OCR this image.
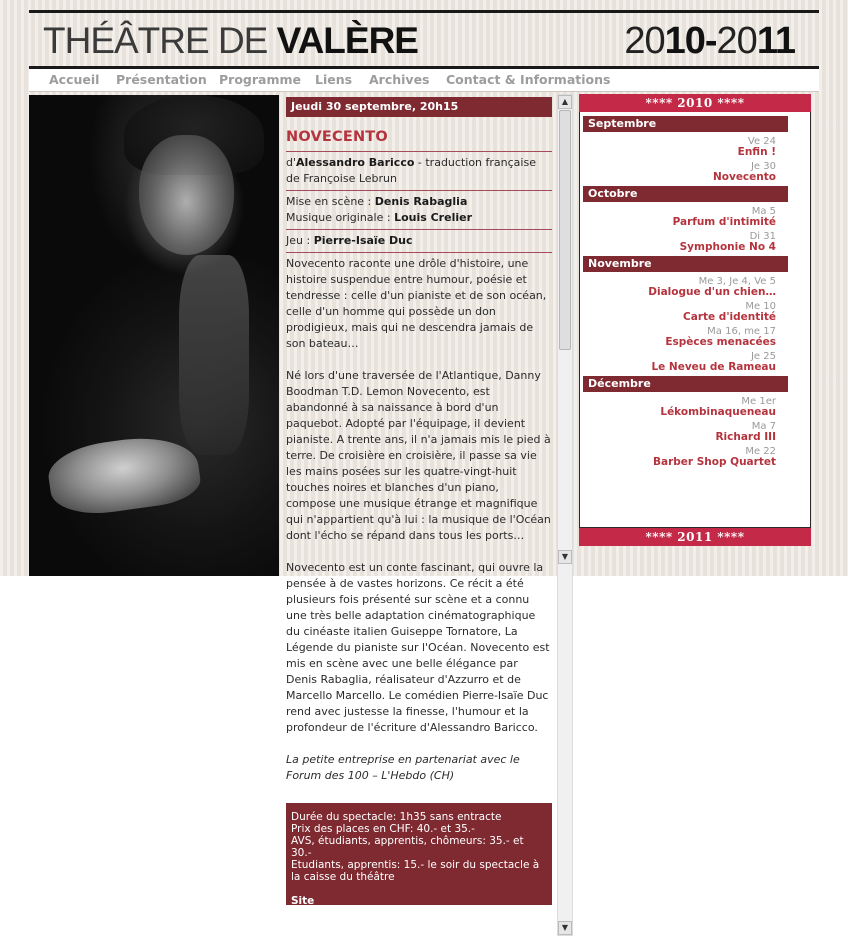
THÉÂTRE DE VALÈRE	2010-2011
Accueil Présentation Programme Liens Archives Contact & Informations
Jeudi 30 septembre, 20h15
NOVECENTO
d'Alessandro Baricco - traduction française de Françoise Lebrun
Mise en scène : Denis Rabaglia
Musique originale : Louis Crelier
Jeu : Pierre-Isaïe Duc
Novecento raconte une drôle d'histoire, une histoire suspendue entre humour, poésie et tendresse : celle d'un pianiste et de son océan, celle d'un homme qui possède un don prodigieux, mais qui ne descendra jamais de son bateau…
Né lors d'une traversée de l'Atlantique, Danny Boodman T.D. Lemon Novecento, est abandonné à sa naissance à bord d'un paquebot. Adopté par l'équipage, il devient pianiste. A trente ans, il n'a jamais mis le pied à terre. De croisière en croisière, il passe sa vie les mains posées sur les quatre-vingt-huit touches noires et blanches d'un piano, compose une musique étrange et magnifique qui n'appartient qu'à lui : la musique de l'Océan dont l'écho se répand dans tous les ports…
Novecento est un conte fascinant, qui ouvre la pensée à de vastes horizons. Ce récit a été plusieurs fois présenté sur scène et a connu une très belle adaptation cinématographique du cinéaste italien Guiseppe Tornatore, La Légende du pianiste sur l'Océan. Novecento est mis en scène avec une belle élégance par Denis Rabaglia, réalisateur d'Azzurro et de Marcello Marcello. Le comédien Pierre-Isaïe Duc rend avec justesse la finesse, l'humour et la profondeur de l'écriture d'Alessandro Baricco.
La petite entreprise en partenariat avec le Forum des 100 – L'Hebdo (CH)
Durée du spectacle: 1h35 sans entracte
Prix des places en CHF: 40.- et 35.-
AVS, étudiants, apprentis, chômeurs: 35.- et 30.-
Etudiants, apprentis: 15.- le soir du spectacle à la caisse du théâtre
Site
▲
▼
▼
**** 2010 ****
Septembre
Ve 24
Enfin !
Je 30
Novecento
Octobre
Ma 5
Parfum d'intimité
Di 31
Symphonie No 4
Novembre
Me 3, Je 4, Ve 5
Dialogue d'un chien…
Me 10
Carte d'identité
Ma 16, me 17
Espèces menacées
Je 25
Le Neveu de Rameau
Décembre
Me 1er
Lékombinaqueneau
Ma 7
Richard III
Me 22
Barber Shop Quartet
**** 2011 ****
